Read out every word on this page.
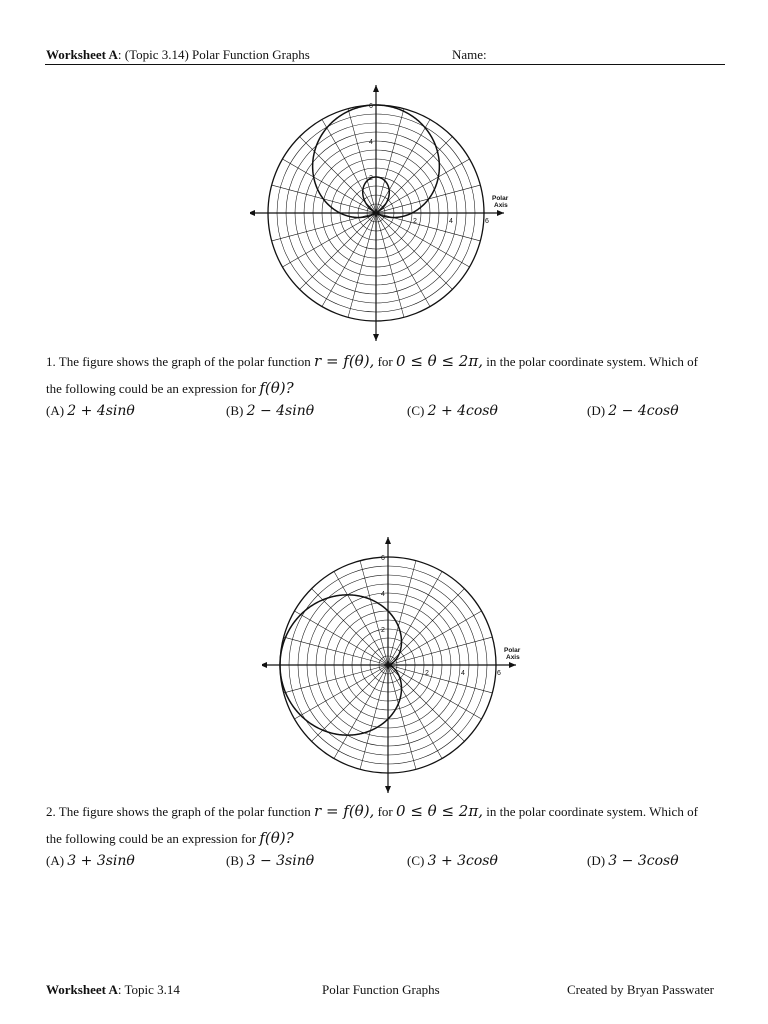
Worksheet A: (Topic 3.14) Polar Function Graphs	Name:
2
2
4
4
6
6
Polar
Axis
1. The figure shows the graph of the polar function r = f(θ), for 0 ≤ θ ≤ 2π, in the polar coordinate system. Which of
the following could be an expression for f(θ)?
(A) 2 + 4sinθ	(B) 2 − 4sinθ	(C) 2 + 4cosθ	(D) 2 − 4cosθ
2
2
4
4
6
6
Polar
Axis
2. The figure shows the graph of the polar function r = f(θ), for 0 ≤ θ ≤ 2π, in the polar coordinate system. Which of
the following could be an expression for f(θ)?
(A) 3 + 3sinθ	(B) 3 − 3sinθ	(C) 3 + 3cosθ	(D) 3 − 3cosθ
Worksheet A: Topic 3.14	Polar Function Graphs	Created by Bryan Passwater
